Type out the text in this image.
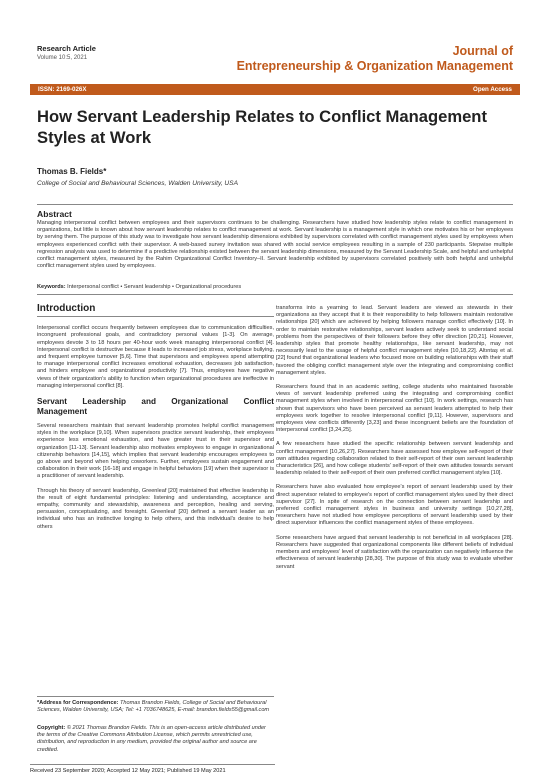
Research Article
Volume 10:5, 2021	Journal of
Entrepreneurship & Organization Management
ISSN: 2169-026X	Open Access
How Servant Leadership Relates to Conflict Management Styles at Work
Thomas B. Fields*
College of Social and Behavioural Sciences, Walden University, USA
Abstract
Managing interpersonal conflict between employees and their supervisors continues to be challenging. Researchers have studied how leadership styles relate to conflict management in organizations, but little is known about how servant leadership relates to conflict management at work. Servant leadership is a management style in which one motivates his or her employees by serving them. The purpose of this study was to investigate how servant leadership dimensions exhibited by supervisors correlated with conflict management styles used by employees when employees experienced conflict with their supervisor. A web-based survey invitation was shared with social service employees resulting in a sample of 230 participants. Stepwise multiple regression analysis was used to determine if a predictive relationship existed between the servant leadership dimensions, measured by the Servant Leadership Scale, and helpful and unhelpful conflict management styles, measured by the Rahim Organizational Conflict Inventory–II. Servant leadership exhibited by supervisors correlated positively with both helpful and unhelpful conflict management styles used by employees.
Keywords: Interpersonal conflict • Servant leadership • Organizational procedures
Introduction

Interpersonal conflict occurs frequently between employees due to communication difficulties, incongruent professional goals, and contradictory personal values [1-3]. On average, employees devote 3 to 18 hours per 40-hour work week managing interpersonal conflict [4]. Interpersonal conflict is destructive because it leads to increased job stress, workplace bullying, and frequent employee turnover [5,6]. Time that supervisors and employees spend attempting to manage interpersonal conflict increases emotional exhaustion, decreases job satisfaction, and hinders employee and organizational productivity [7]. Thus, employees have negative views of their organization's ability to function when organizational procedures are ineffective in managing interpersonal conflict [8].

Servant Leadership and Organizational Conflict Management

Several researchers maintain that servant leadership promotes helpful conflict management styles in the workplace [9,10]. When supervisors practice servant leadership, their employees experience less emotional exhaustion, and have greater trust in their supervisor and organization [11-13]. Servant leadership also motivates employees to engage in organizational citizenship behaviors [14,15], which implies that servant leadership encourages employees to go above and beyond when helping coworkers. Further, employees sustain engagement and collaboration in their work [16-18] and engage in helpful behaviors [19] when their supervisor is a practitioner of servant leadership.

Through his theory of servant leadership, Greenleaf [20] maintained that effective leadership is the result of eight fundamental principles: listening and understanding, acceptance and empathy, community and stewardship, awareness and perception, healing and serving, persuasion, conceptualizing, and foresight. Greenleaf [20] defined a servant leader as an individual who has an instinctive longing to help others, and this individual's desire to help others

transforms into a yearning to lead. Servant leaders are viewed as stewards in their organizations as they accept that it is their responsibility to help followers maintain restorative relationships [20] which are achieved by helping followers manage conflict effectively [10]. In order to maintain restorative relationships, servant leaders actively seek to understand social problems from the perspectives of their followers before they offer direction [20,21]. However, leadership styles that promote healthy relationships, like servant leadership, may not necessarily lead to the usage of helpful conflict management styles [10,18,22]. Altıntaş et al. [22] found that organizational leaders who focused more on building relationships with their staff favored the obliging conflict management style over the integrating and compromising conflict management styles.

Researchers found that in an academic setting, college students who maintained favorable views of servant leadership preferred using the integrating and compromising conflict management styles when involved in interpersonal conflict [10]. In work settings, research has shown that supervisors who have been perceived as servant leaders attempted to help their employees work together to resolve interpersonal conflict [9,11]. However, supervisors and employees view conflicts differently [3,23] and these incongruent beliefs are the foundation of interpersonal conflict [3,24,25].

A few researchers have studied the specific relationship between servant leadership and conflict management [10,26,27]. Researchers have assessed how employee self-report of their own attitudes regarding collaboration related to their self-report of their own servant leadership characteristics [26], and how college students' self-report of their own attitudes towards servant leadership related to their self-report of their own preferred conflict management styles [10].

Researchers have also evaluated how employee's report of servant leadership used by their direct supervisor related to employee's report of conflict management styles used by their direct supervisor [27]. In spite of research on the connection between servant leadership and preferred conflict management styles in business and university settings [10,27,28], researchers have not studied how employee perceptions of servant leadership used by their direct supervisor influences the conflict management styles of these employees.

Some researchers have argued that servant leadership is not beneficial in all workplaces [28]. Researchers have suggested that organizational components like different beliefs of individual members and employees' level of satisfaction with the organization can negatively influence the effectiveness of servant leadership [28,30]. The purpose of this study was to evaluate whether servant

*Address for Correspondence: Thomas Brandon Fields, College of Social and Behavioural Sciences, Walden University, USA; Tel: +1 7036748625, E-mail: brandon.fields55@gmail.com
Copyright: © 2021 Thomas Brandon Fields. This is an open-access article distributed under the terms of the Creative Commons Attribution License, which permits unrestricted use, distribution, and reproduction in any medium, provided the original author and source are credited.
Received 23 September 2020; Accepted 12 May 2021; Published 19 May 2021
